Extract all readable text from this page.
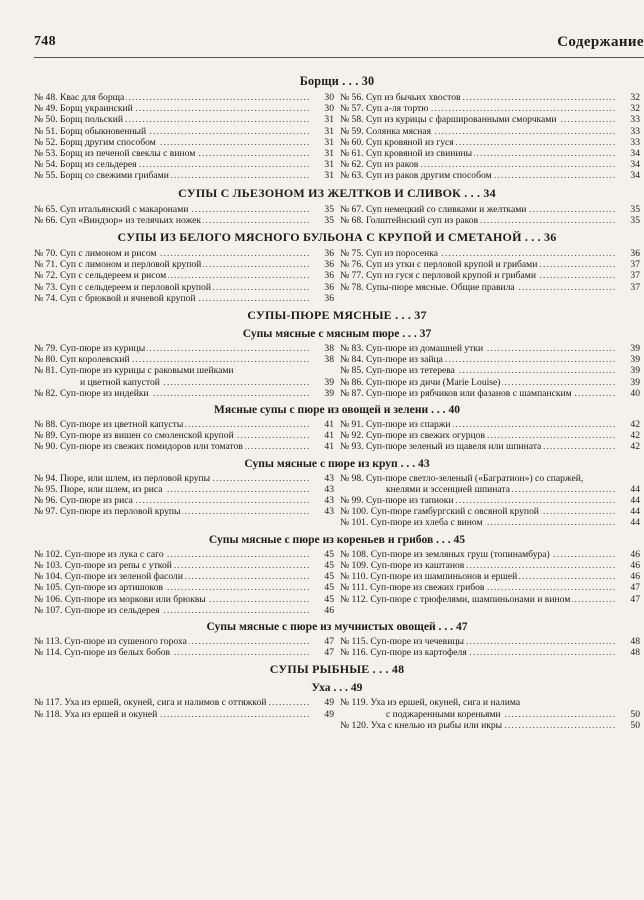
748	Содержание
Борщи . . . 30
№ 48. Квас для борща . . .	30
№ 49. Борщ украинский . . .	30
№ 50. Борщ польский . . .	31
№ 51. Борщ обыкновенный . . .	31
№ 52. Борщ другим способом . . .	31
№ 53. Борщ из печеной свеклы с вином . . .	31
№ 54. Борщ из сельдерея . . .	31
№ 55. Борщ со свежими грибами . . .	31
№ 56. Суп из бычьих хвостов . . .	32
№ 57. Суп а-ля тортю . . .	32
№ 58. Суп из курицы с фаршированными сморчками . . .	33
№ 59. Солянка мясная . . .	33
№ 60. Суп кровяной из гуся . . .	33
№ 61. Суп кровяной из свинины . . .	34
№ 62. Суп из раков . . .	34
№ 63. Суп из раков другим способом . . .	34
СУПЫ С ЛЬЕЗОНОМ ИЗ ЖЕЛТКОВ И СЛИВОК . . . 34
№ 65. Суп итальянский с макаронами . . .	35
№ 66. Суп «Виндзор» из телячьих ножек . . .	35
№ 67. Суп немецкий со сливками и желтками . . .	35
№ 68. Голштейнский суп из раков . . .	35
СУПЫ ИЗ БЕЛОГО МЯСНОГО БУЛЬОНА С КРУПОЙ И СМЕТАНОЙ . . . 36
№ 70. Суп с лимоном и рисом . . .	36
№ 71. Суп с лимоном и перловой крупой . . .	36
№ 72. Суп с сельдереем и рисом . . .	36
№ 73. Суп с сельдереем и перловой крупой . . .	36
№ 74. Суп с брюквой и ячневой крупой . . .	36
№ 75. Суп из поросенка . . .	36
№ 76. Суп из утки с перловой крупой и грибами . . .	37
№ 77. Суп из гуся с перловой крупой и грибами . . .	37
№ 78. Супы-пюре мясные. Общие правила . . .	37
СУПЫ-ПЮРЕ МЯСНЫЕ . . . 37
Супы мясные с мясным пюре . . . 37
№ 79. Суп-пюре из курицы . . .	38
№ 80. Суп королевский . . .	38
№ 81. Суп-пюре из курицы с раковыми шейками
и цветной капустой . . .	39
№ 82. Суп-пюре из индейки . . .	39
№ 83. Суп-пюре из домашней утки . . .	39
№ 84. Суп-пюре из зайца . . .	39
№ 85. Суп-пюре из тетерева . . .	39
№ 86. Суп-пюре из дичи (Marie Louise) . . .	39
№ 87. Суп-пюре из рябчиков или фазанов с шампанским . . .	40
Мясные супы с пюре из овощей и зелени . . . 40
№ 88. Суп-пюре из цветной капусты . . .	41
№ 89. Суп-пюре из вишен со смоленской крупой . . .	41
№ 90. Суп-пюре из свежих помидоров или томатов . . .	41
№ 91. Суп-пюре из спаржи . . .	42
№ 92. Суп-пюре из свежих огурцов . . .	42
№ 93. Суп-пюре зеленый из щавеля или шпината . . .	42
Супы мясные с пюре из круп . . . 43
№ 94. Пюре, или шлем, из перловой крупы . . .	43
№ 95. Пюре, или шлем, из риса . . .	43
№ 96. Суп-пюре из риса . . .	43
№ 97. Суп-пюре из перловой крупы . . .	43
№ 98. Суп-пюре светло-зеленый («Багратион») со спаржей,
кнелями и эссенцией шпината . . .	44
№ 99. Суп-пюре из тапиоки . . .	44
№ 100. Суп-пюре гамбургский с овсяной крупой . . .	44
№ 101. Суп-пюре из хлеба с вином . . .	44
Супы мясные с пюре из кореньев и грибов . . . 45
№ 102. Суп-пюре из лука с саго . . .	45
№ 103. Суп-пюре из репы с уткой . . .	45
№ 104. Суп-пюре из зеленой фасоли . . .	45
№ 105. Суп-пюре из артишоков . . .	45
№ 106. Суп-пюре из моркови или брюквы . . .	45
№ 107. Суп-пюре из сельдерея . . .	46
№ 108. Суп-пюре из земляных груш (топинамбура) . . .	46
№ 109. Суп-пюре из каштанов . . .	46
№ 110. Суп-пюре из шампиньонов и ершей . . .	46
№ 111. Суп-пюре из свежих грибов . . .	47
№ 112. Суп-пюре с трюфелями, шампиньонами и вином . . .	47
Супы мясные с пюре из мучнистых овощей . . . 47
№ 113. Суп-пюре из сушеного гороха . . .	47
№ 114. Суп-пюре из белых бобов . . .	47
№ 115. Суп-пюре из чечевицы . . .	48
№ 116. Суп-пюре из картофеля . . .	48
СУПЫ РЫБНЫЕ . . . 48
Уха . . . 49
№ 117. Уха из ершей, окуней, сига и налимов с оттяжкой . . .	49
№ 118. Уха из ершей и окуней . . .	49
№ 119. Уха из ершей, окуней, сига и налима
с поджаренными кореньями . . .	50
№ 120. Уха с кнелью из рыбы или икры . . .	50
